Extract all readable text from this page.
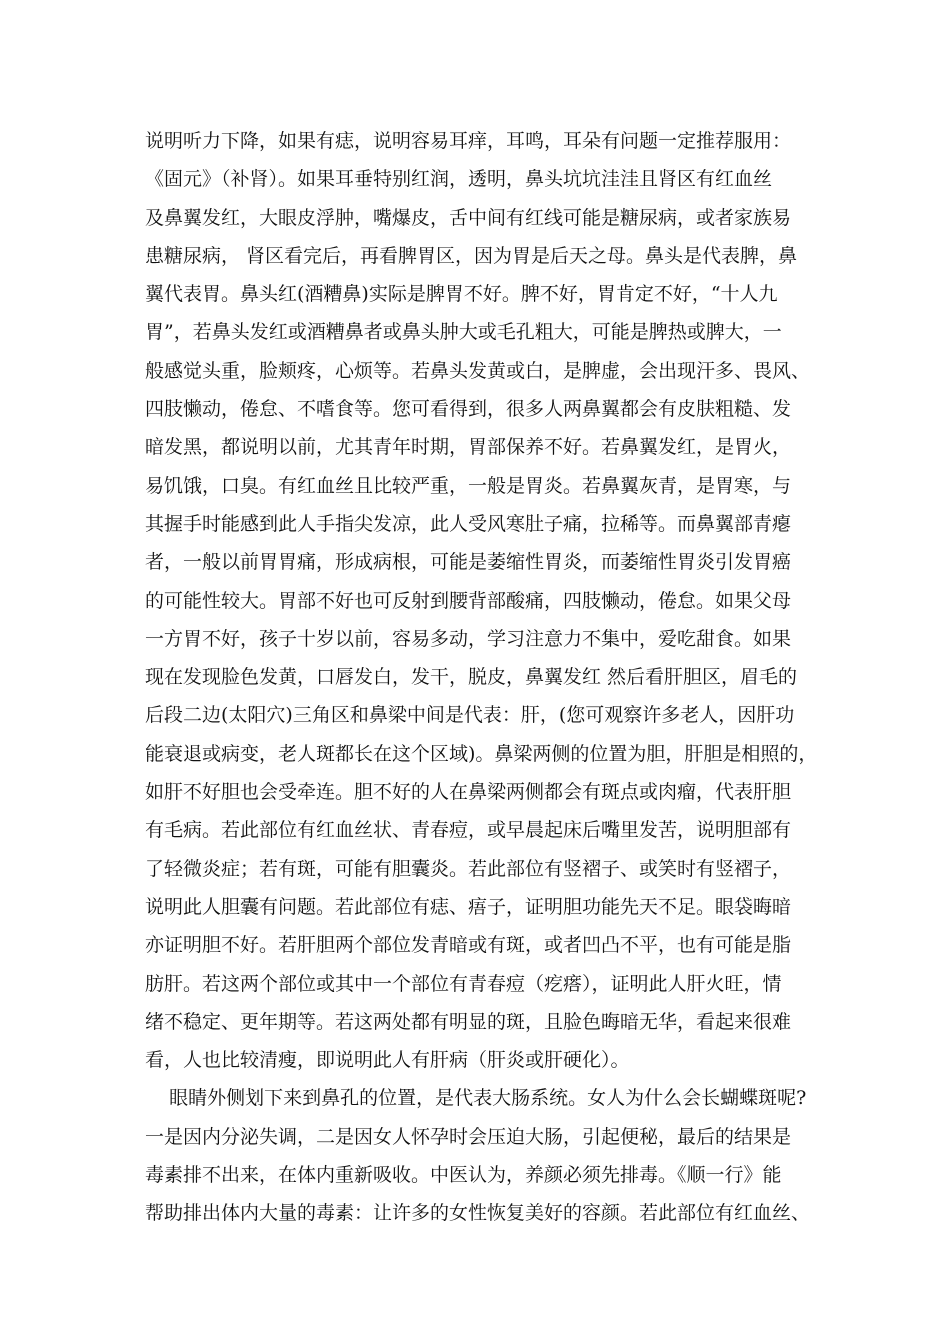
说明听力下降，如果有痣，说明容易耳痒，耳鸣，耳朵有问题一定推荐服用：
《固元》（补肾）。如果耳垂特别红润，透明，鼻头坑坑洼洼且肾区有红血丝
及鼻翼发红，大眼皮浮肿，嘴爆皮，舌中间有红线可能是糖尿病，或者家族易
患糖尿病， 肾区看完后，再看脾胃区，因为胃是后天之母。鼻头是代表脾，鼻
翼代表胃。鼻头红(酒糟鼻)实际是脾胃不好。脾不好，胃肯定不好，“十人九
胃”，若鼻头发红或酒糟鼻者或鼻头肿大或毛孔粗大，可能是脾热或脾大，一
般感觉头重，脸颊疼，心烦等。若鼻头发黄或白，是脾虚，会出现汗多、畏风、
四肢懒动，倦怠、不嗜食等。您可看得到，很多人两鼻翼都会有皮肤粗糙、发
暗发黑，都说明以前，尤其青年时期，胃部保养不好。若鼻翼发红，是胃火，
易饥饿，口臭。有红血丝且比较严重，一般是胃炎。若鼻翼灰青，是胃寒，与
其握手时能感到此人手指尖发凉，此人受风寒肚子痛，拉稀等。而鼻翼部青瘪
者，一般以前胃胃痛，形成病根，可能是萎缩性胃炎，而萎缩性胃炎引发胃癌
的可能性较大。胃部不好也可反射到腰背部酸痛，四肢懒动，倦怠。如果父母
一方胃不好，孩子十岁以前，容易多动，学习注意力不集中，爱吃甜食。如果
现在发现脸色发黄，口唇发白，发干，脱皮，鼻翼发红 然后看肝胆区，眉毛的
后段二边(太阳穴)三角区和鼻梁中间是代表：肝，(您可观察许多老人，因肝功
能衰退或病变，老人斑都长在这个区域)。鼻梁两侧的位置为胆，肝胆是相照的，
如肝不好胆也会受牵连。胆不好的人在鼻梁两侧都会有斑点或肉瘤，代表肝胆
有毛病。若此部位有红血丝状、青春痘，或早晨起床后嘴里发苦，说明胆部有
了轻微炎症；若有斑，可能有胆囊炎。若此部位有竖褶子、或笑时有竖褶子，
说明此人胆囊有问题。若此部位有痣、痦子，证明胆功能先天不足。眼袋晦暗
亦证明胆不好。若肝胆两个部位发青暗或有斑，或者凹凸不平，也有可能是脂
肪肝。若这两个部位或其中一个部位有青春痘（疙瘩），证明此人肝火旺，情
绪不稳定、更年期等。若这两处都有明显的斑，且脸色晦暗无华，看起来很难
看，人也比较清瘦，即说明此人有肝病（肝炎或肝硬化）。
眼睛外侧划下来到鼻孔的位置，是代表大肠系统。女人为什么会长蝴蝶斑呢?
一是因内分泌失调，二是因女人怀孕时会压迫大肠，引起便秘，最后的结果是
毒素排不出来，在体内重新吸收。中医认为，养颜必须先排毒。《顺一行》能
帮助排出体内大量的毒素：让许多的女性恢复美好的容颜。若此部位有红血丝、
